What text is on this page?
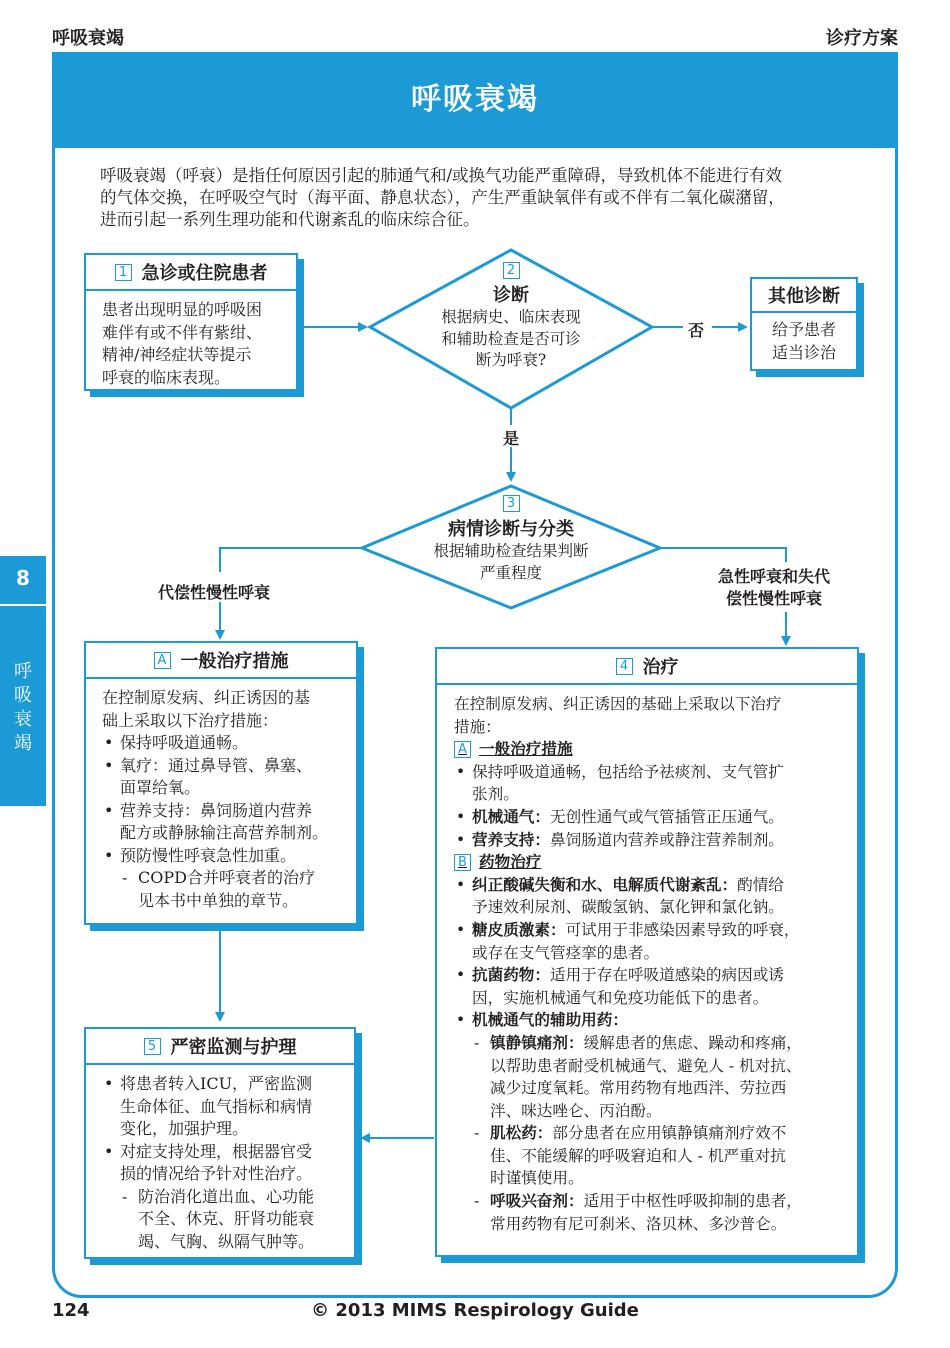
呼吸衰竭	诊疗方案
8
呼
吸
衰
竭
呼吸衰竭
呼吸衰竭（呼衰）是指任何原因引起的肺通气和/或换气功能严重障碍，导致机体不能进行有效
的气体交换，在呼吸空气时（海平面、静息状态），产生严重缺氧伴有或不伴有二氧化碳潴留，
进而引起一系列生理功能和代谢紊乱的临床综合征。
1 急诊或住院患者
患者出现明显的呼吸困
难伴有或不伴有紫绀、
精神/神经症状等提示
呼衰的临床表现。
2
诊断
根据病史、临床表现
和辅助检查是否可诊
断为呼衰?
否
是
其他诊断
给予患者
适当诊治
3
病情诊断与分类
根据辅助检查结果判断
严重程度
代偿性慢性呼衰
急性呼衰和失代
偿性慢性呼衰
A 一般治疗措施
在控制原发病、纠正诱因的基
础上采取以下治疗措施：
• 保持呼吸道通畅。
• 氧疗：通过鼻导管、鼻塞、
面罩给氧。
• 营养支持：鼻饲肠道内营养
配方或静脉输注高营养制剂。
• 预防慢性呼衰急性加重。
- COPD合并呼衰者的治疗
见本书中单独的章节。
4 治疗
在控制原发病、纠正诱因的基础上采取以下治疗
措施：
A 一般治疗措施
• 保持呼吸道通畅，包括给予祛痰剂、支气管扩
张剂。
• 机械通气：无创性通气或气管插管正压通气。
• 营养支持：鼻饲肠道内营养或静注营养制剂。
B 药物治疗
• 纠正酸碱失衡和水、电解质代谢紊乱：酌情给
予速效利尿剂、碳酸氢钠、氯化钾和氯化钠。
• 糖皮质激素：可试用于非感染因素导致的呼衰，
或存在支气管痉挛的患者。
• 抗菌药物：适用于存在呼吸道感染的病因或诱
因，实施机械通气和免疫功能低下的患者。
• 机械通气的辅助用药：
- 镇静镇痛剂：缓解患者的焦虑、躁动和疼痛，
以帮助患者耐受机械通气、避免人 - 机对抗、
减少过度氧耗。常用药物有地西泮、劳拉西
泮、咪达唑仑、丙泊酚。
- 肌松药：部分患者在应用镇静镇痛剂疗效不
佳、不能缓解的呼吸窘迫和人 - 机严重对抗
时谨慎使用。
- 呼吸兴奋剂：适用于中枢性呼吸抑制的患者，
常用药物有尼可刹米、洛贝林、多沙普仑。
5 严密监测与护理
• 将患者转入ICU，严密监测
生命体征、血气指标和病情
变化，加强护理。
• 对症支持处理，根据器官受
损的情况给予针对性治疗。
- 防治消化道出血、心功能
不全、休克、肝肾功能衰
竭、气胸、纵隔气肿等。
124	© 2013 MIMS Respirology Guide
